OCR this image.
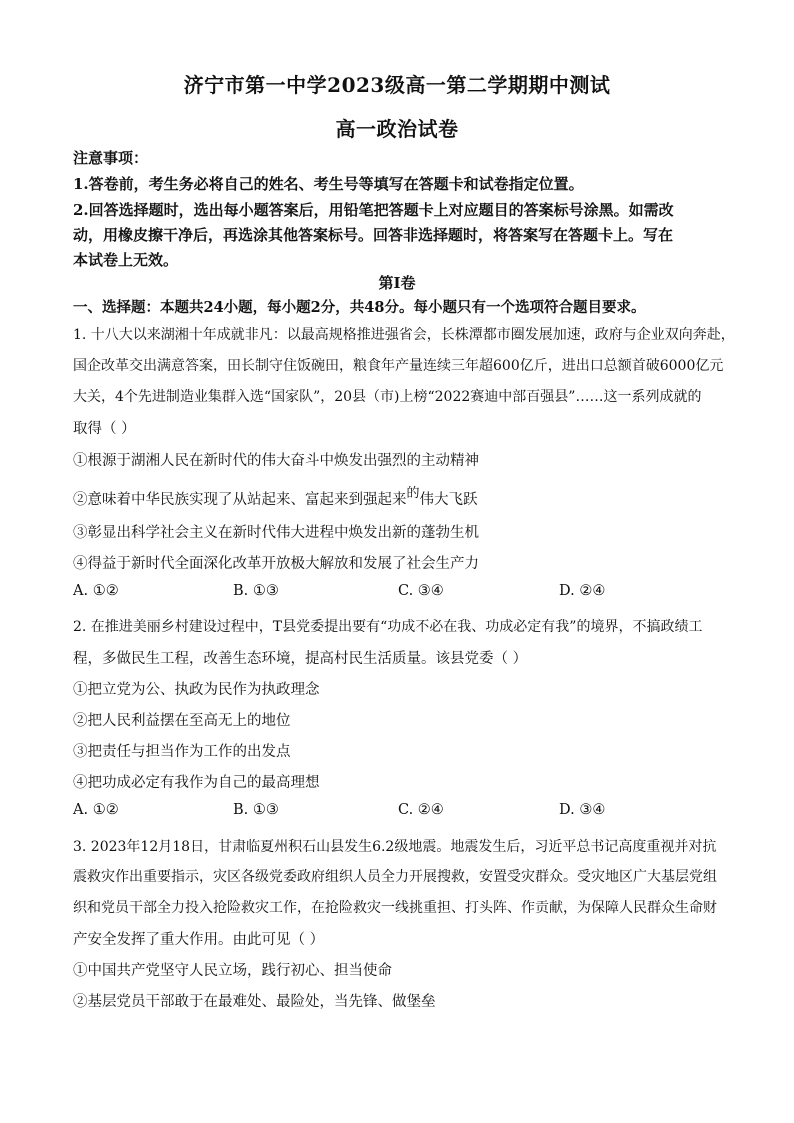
济宁市第一中学2023级高一第二学期期中测试
高一政治试卷
注意事项：
1.答卷前，考生务必将自己的姓名、考生号等填写在答题卡和试卷指定位置。
2.回答选择题时，选出每小题答案后，用铅笔把答题卡上对应题目的答案标号涂黑。如需改
动，用橡皮擦干净后，再选涂其他答案标号。回答非选择题时，将答案写在答题卡上。写在
本试卷上无效。
第Ⅰ卷
一、选择题：本题共24小题，每小题2分，共48分。每小题只有一个选项符合题目要求。
1. 十八大以来湖湘十年成就非凡：以最高规格推进强省会，长株潭都市圈发展加速，政府与企业双向奔赴，
国企改革交出满意答案，田长制守住饭碗田，粮食年产量连续三年超600亿斤，进出口总额首破6000亿元
大关，4个先进制造业集群入选“国家队”，20县（市)上榜“2022赛迪中部百强县”……这一系列成就的
取得（ ）
①根源于湖湘人民在新时代的伟大奋斗中焕发出强烈的主动精神
②意味着中华民族实现了从站起来、富起来到强起来的伟大飞跃
③彰显出科学社会主义在新时代伟大进程中焕发出新的蓬勃生机
④得益于新时代全面深化改革开放极大解放和发展了社会生产力
A. ①②	B. ①③	C. ③④	D. ②④
2. 在推进美丽乡村建设过程中，T县党委提出要有“功成不必在我、功成必定有我”的境界，不搞政绩工
程，多做民生工程，改善生态环境，提高村民生活质量。该县党委（ ）
①把立党为公、执政为民作为执政理念
②把人民利益摆在至高无上的地位
③把责任与担当作为工作的出发点
④把功成必定有我作为自己的最高理想
A. ①②	B. ①③	C. ②④	D. ③④
3. 2023年12月18日，甘肃临夏州积石山县发生6.2级地震。地震发生后，习近平总书记高度重视并对抗
震救灾作出重要指示，灾区各级党委政府组织人员全力开展搜救，安置受灾群众。受灾地区广大基层党组
织和党员干部全力投入抢险救灾工作，在抢险救灾一线挑重担、打头阵、作贡献，为保障人民群众生命财
产安全发挥了重大作用。由此可见（ ）
①中国共产党坚守人民立场，践行初心、担当使命
②基层党员干部敢于在最难处、最险处，当先锋、做堡垒
